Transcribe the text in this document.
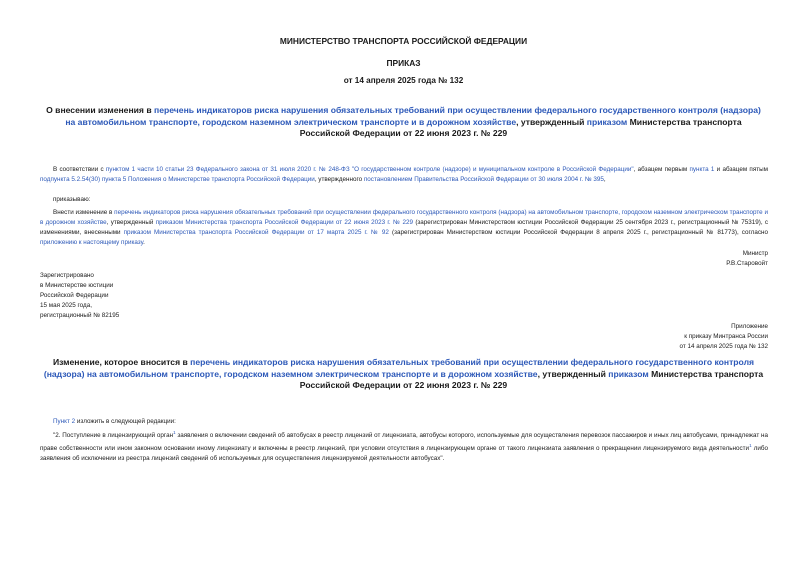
МИНИСТЕРСТВО ТРАНСПОРТА РОССИЙСКОЙ ФЕДЕРАЦИИ
ПРИКАЗ
от 14 апреля 2025 года № 132
О внесении изменения в перечень индикаторов риска нарушения обязательных требований при осуществлении федерального государственного контроля (надзора) на автомобильном транспорте, городском наземном электрическом транспорте и в дорожном хозяйстве, утвержденный приказом Министерства транспорта Российской Федерации от 22 июня 2023 г. № 229
В соответствии с пунктом 1 части 10 статьи 23 Федерального закона от 31 июля 2020 г. № 248-ФЗ "О государственном контроле (надзоре) и муниципальном контроле в Российской Федерации", абзацем первым пункта 1 и абзацем пятым подпункта 5.2.54(30) пункта 5 Положения о Министерстве транспорта Российской Федерации, утвержденного постановлением Правительства Российской Федерации от 30 июля 2004 г. № 395,
приказываю:
Внести изменение в перечень индикаторов риска нарушения обязательных требований при осуществлении федерального государственного контроля (надзора) на автомобильном транспорте, городском наземном электрическом транспорте и в дорожном хозяйстве, утвержденный приказом Министерства транспорта Российской Федерации от 22 июня 2023 г. № 229 (зарегистрирован Министерством юстиции Российской Федерации 25 сентября 2023 г., регистрационный № 75319), с изменениями, внесенными приказом Министерства транспорта Российской Федерации от 17 марта 2025 г. № 92 (зарегистрирован Министерством юстиции Российской Федерации 8 апреля 2025 г., регистрационный № 81773), согласно приложению к настоящему приказу.
Министр
Р.В.Старовойт
Зарегистрировано
в Министерстве юстиции
Российской Федерации
15 мая 2025 года,
регистрационный № 82195
Приложение
к приказу Минтранса России
от 14 апреля 2025 года № 132
Изменение, которое вносится в перечень индикаторов риска нарушения обязательных требований при осуществлении федерального государственного контроля (надзора) на автомобильном транспорте, городском наземном электрическом транспорте и в дорожном хозяйстве, утвержденный приказом Министерства транспорта Российской Федерации от 22 июня 2023 г. № 229
Пункт 2 изложить в следующей редакции:
"2. Поступление в лицензирующий орган$^1$ заявления о включении сведений об автобусах в реестр лицензий от лицензиата, автобусы которого, используемые для осуществления перевозок пассажиров и иных лиц автобусами, принадлежат на праве собственности или ином законном основании иному лицензиату и включены в реестр лицензий, при условии отсутствия в лицензирующем органе от такого лицензиата заявления о прекращении лицензируемого вида деятельности$^1$ либо заявления об исключении из реестра лицензий сведений об используемых для осуществления лицензируемой деятельности автобусах".
